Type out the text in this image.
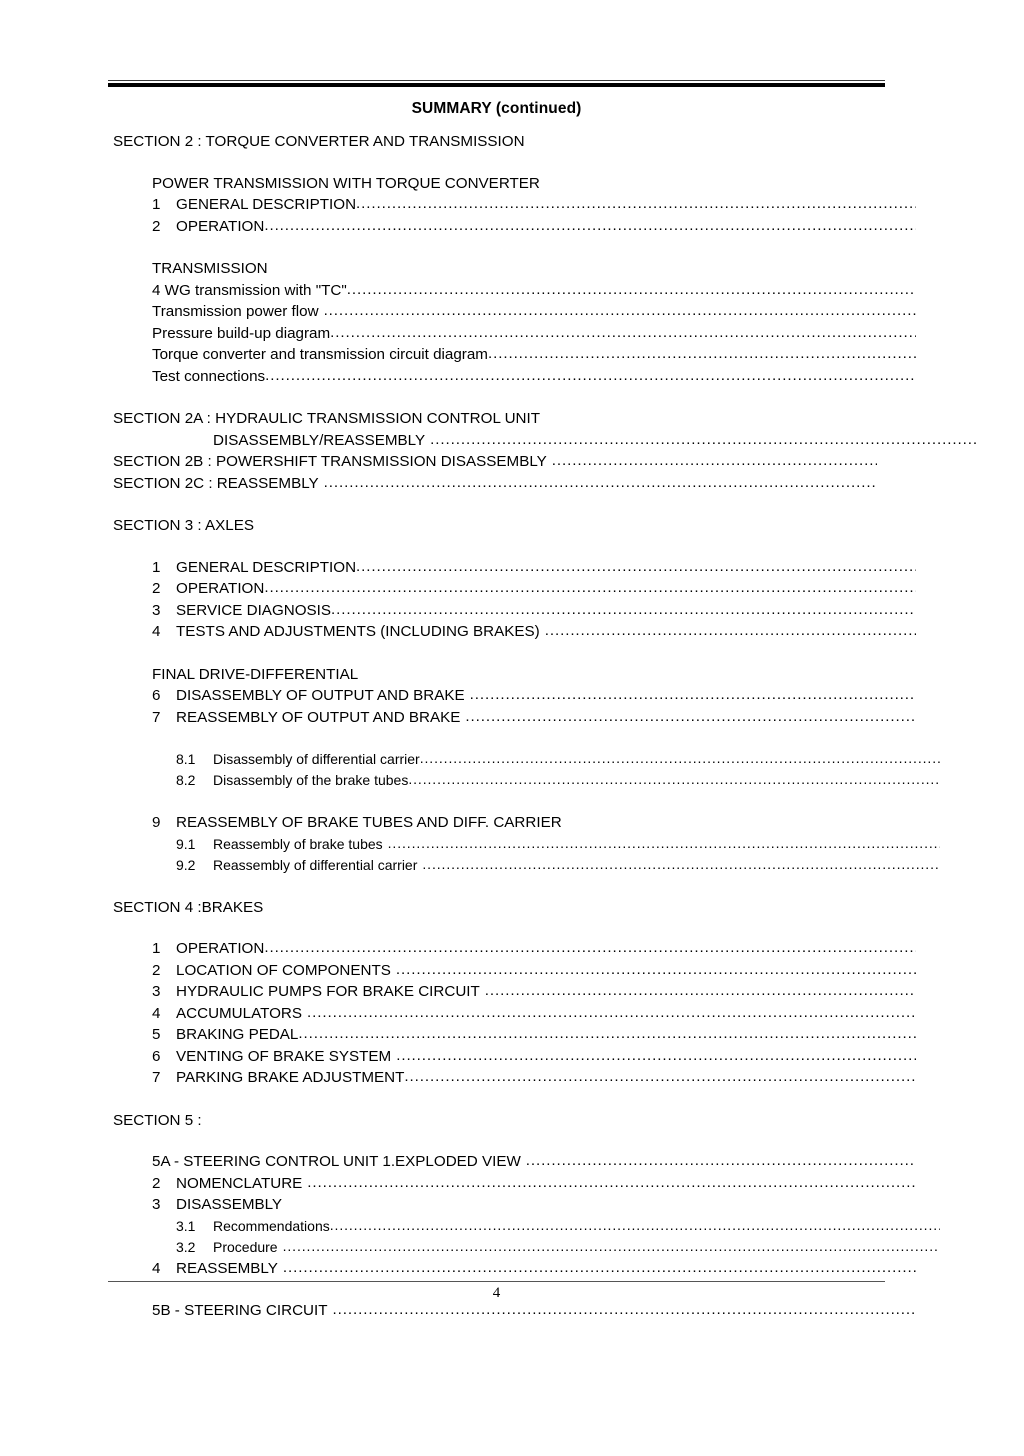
SUMMARY (continued)
SECTION 2 : TORQUE CONVERTER AND TRANSMISSION
POWER TRANSMISSION WITH TORQUE CONVERTER
1	GENERAL DESCRIPTION
.....
2	OPERATION
.....
TRANSMISSION
4 WG transmission with "TC"
.....
Transmission power flow
.....
Pressure build-up diagram
.....
Torque converter and transmission circuit diagram
.....
Test connections
.....
SECTION 2A : HYDRAULIC TRANSMISSION CONTROL UNIT
DISASSEMBLY/REASSEMBLY
.....
SECTION 2B : POWERSHIFT TRANSMISSION DISASSEMBLY
.....
SECTION 2C : REASSEMBLY
.....
SECTION 3 : AXLES
1	GENERAL DESCRIPTION
.....
2	OPERATION
.....
3	SERVICE DIAGNOSIS
.....
4	TESTS AND ADJUSTMENTS (INCLUDING BRAKES)
.....
FINAL DRIVE-DIFFERENTIAL
6	DISASSEMBLY OF OUTPUT AND BRAKE
.....
7	REASSEMBLY OF OUTPUT AND BRAKE
.....
8.1	Disassembly of differential carrier
.....
8.2	Disassembly of the brake tubes
.....
9 REASSEMBLY OF BRAKE TUBES AND DIFF. CARRIER
9.1	Reassembly of brake tubes
.....
9.2	Reassembly of differential carrier
.....
SECTION 4 :BRAKES
1	OPERATION
.....
2	LOCATION OF COMPONENTS
.....
3	HYDRAULIC PUMPS FOR BRAKE CIRCUIT
.....
4	ACCUMULATORS
.....
5	BRAKING PEDAL
.....
6	VENTING OF BRAKE SYSTEM
.....
7	PARKING BRAKE ADJUSTMENT
.....
SECTION 5 :
5A - STEERING CONTROL UNIT 1.EXPLODED VIEW
.....
2	NOMENCLATURE
.....
3 DISASSEMBLY
3.1	Recommendations
.....
3.2	Procedure
.....
4	REASSEMBLY
.....
5B - STEERING CIRCUIT
.....
4
